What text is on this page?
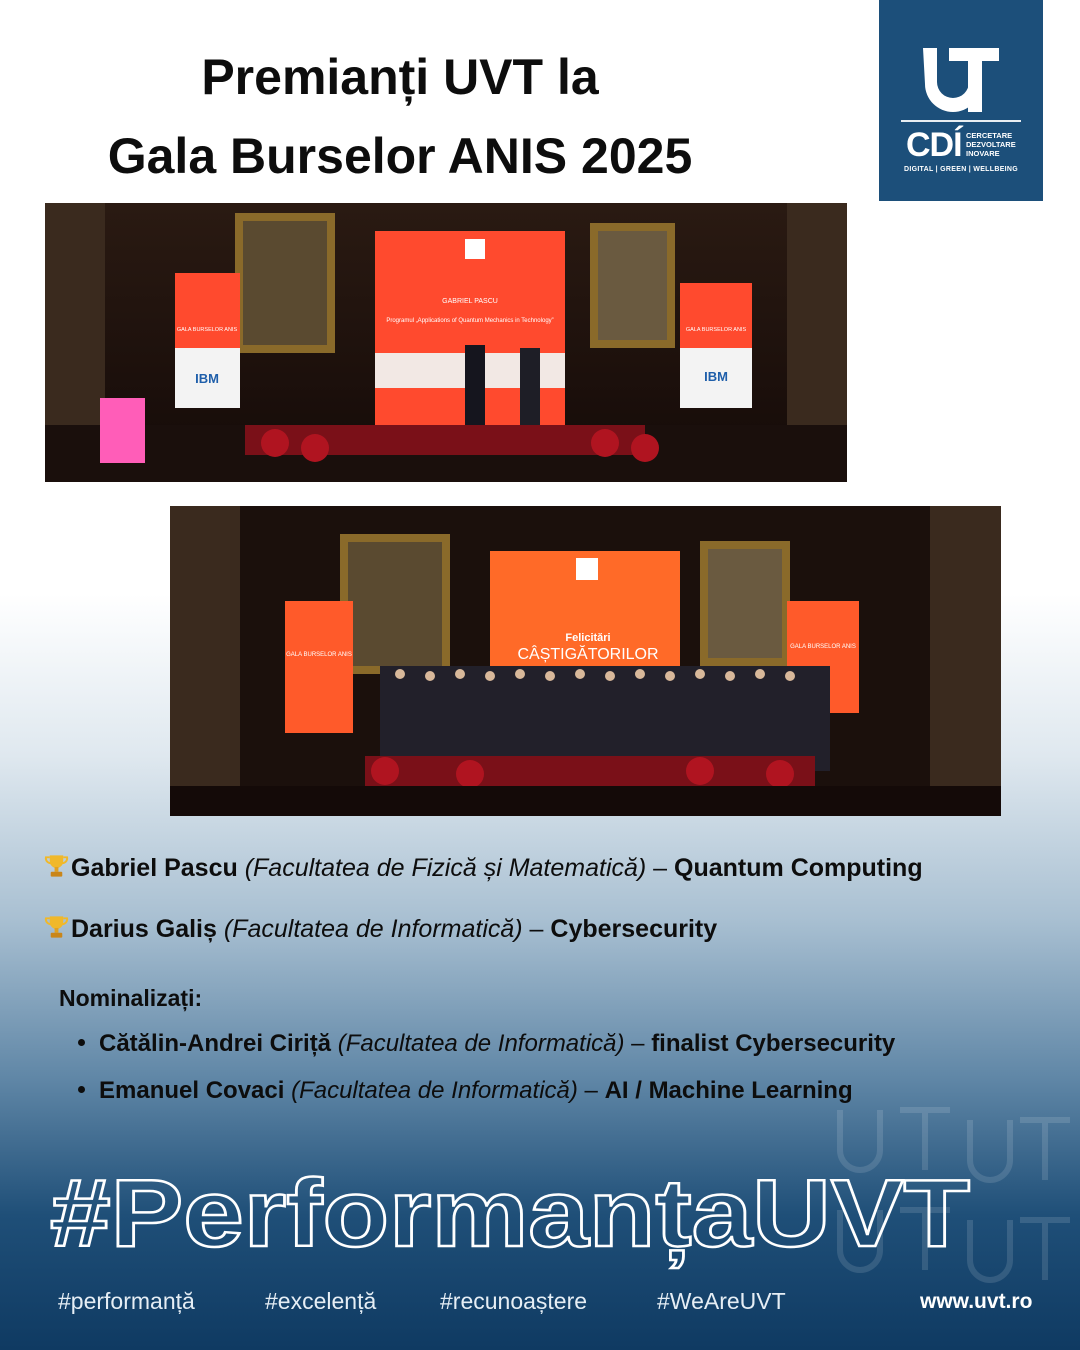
Premianți UVT la
Gala Burselor ANIS 2025	CDÍ CERCETARE
DEZVOLTARE
INOVARE
DIGITAL | GREEN | WELLBEING
GABRIEL PASCU
Programul „Applications of Quantum Mechanics in Technology”
GALA BURSELOR ANIS
IBM
GALA BURSELOR ANIS
IBM
Felicitări
CÂȘTIGĂTORILOR
GALA BURSELOR ANIS
GALA BURSELOR ANIS
Gabriel Pascu (Facultatea de Fizică și Matematică) – Quantum Computing
Darius Galiș (Facultatea de Informatică) – Cybersecurity
Nominalizați:
Cătălin-Andrei Ciriță (Facultatea de Informatică) – finalist Cybersecurity
Emanuel Covaci (Facultatea de Informatică) – AI / Machine Learning
#PerformanțaUVT
#performanță	#excelență	#recunoaștere	#WeAreUVT	www.uvt.ro
